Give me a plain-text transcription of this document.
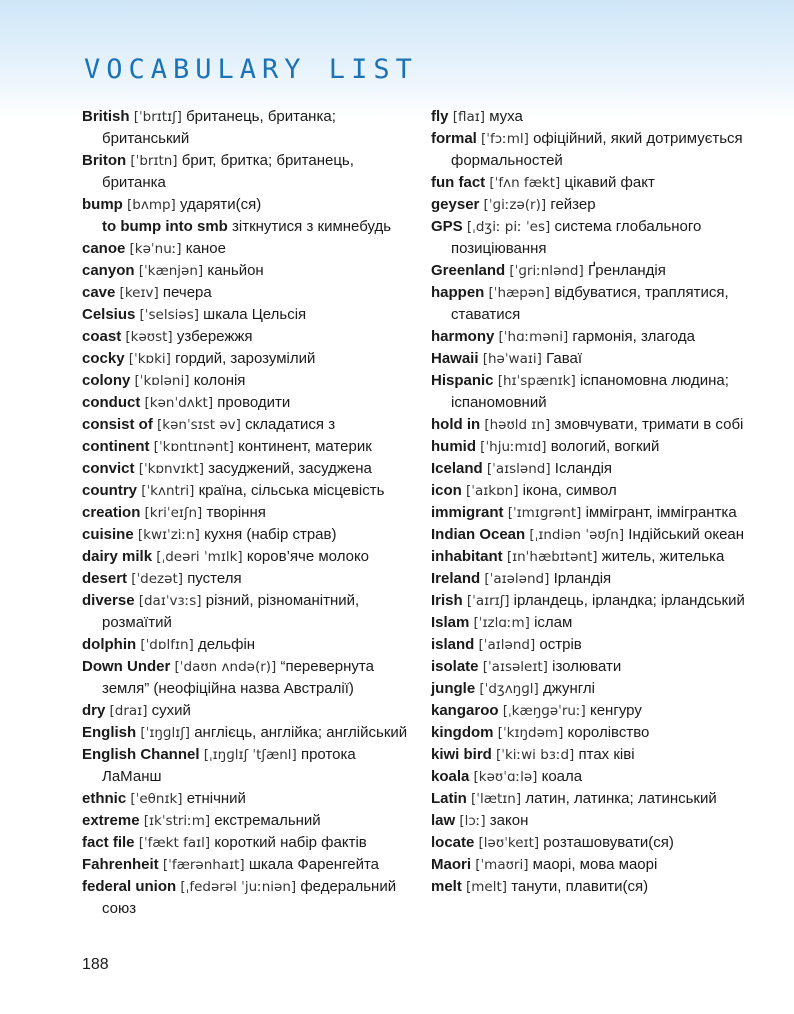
VOCABULARY LIST

British [ˈbrɪtɪʃ] британець, британка; британський

Briton [ˈbrɪtn] брит, бритка; британець, британка

bump [bʌmp] ударяти(ся)

to bump into smb зіткнутися з кимнебудь

canoe [kəˈnuː] каное

canyon [ˈkænjən] каньйон

cave [keɪv] печера

Celsius [ˈselsiəs] шкала Цельсія

coast [kəʊst] узбережжя

cocky [ˈkɒki] гордий, зарозумілий

colony [ˈkɒləni] колонія

conduct [kənˈdʌkt] проводити

consist of [kənˈsɪst əv] складатися з

continent [ˈkɒntɪnənt] континент, материк

convict [ˈkɒnvɪkt] засуджений, засуджена

country [ˈkʌntri] країна, сільська місцевість

creation [kriˈeɪʃn] творіння

cuisine [kwɪˈziːn] кухня (набір страв)

dairy milk [ˌdeəri ˈmɪlk] коров’яче молоко

desert [ˈdezət] пустеля

diverse [daɪˈvɜːs] різний, різноманітний, розмаїтий

dolphin [ˈdɒlfɪn] дельфін

Down Under [ˈdaʊn ʌndə(r)] “перевернута земля” (неофіційна назва Австралії)

dry [draɪ] сухий

English [ˈɪŋɡlɪʃ] англієць, англійка; англійський

English Channel [ˌɪŋɡlɪʃ ˈtʃænl] протока ЛаМанш

ethnic [ˈeθnɪk] етнічний

extreme [ɪkˈstriːm] екстремальний

fact file [ˈfækt faɪl] короткий набір фактів

Fahrenheit [ˈfærənhaɪt] шкала Фаренгейта

federal union [ˌfedərəl ˈjuːniən] федеральний союз

fly [flaɪ] муха

formal [ˈfɔːml] офіційний, який дотримується формальностей

fun fact [ˈfʌn fækt] цікавий факт

geyser [ˈɡiːzə(r)] гейзер

GPS [ˌdʒiː piː ˈes] система глобального позиціювання

Greenland [ˈɡriːnlənd] Ґренландія

happen [ˈhæpən] відбуватися, траплятися, ставатися

harmony [ˈhɑːməni] гармонія, злагода

Hawaii [həˈwaɪi] Гаваї

Hispanic [hɪˈspænɪk] іспаномовна людина; іспаномовний

hold in [həʊld ɪn] змовчувати, тримати в собі

humid [ˈhjuːmɪd] вологий, вогкий

Iceland [ˈaɪslənd] Ісландія

icon [ˈaɪkɒn] ікона, символ

immigrant [ˈɪmɪɡrənt] іммігрант, іммігрантка

Indian Ocean [ˌɪndiən ˈəʊʃn] Індійський океан

inhabitant [ɪnˈhæbɪtənt] житель, жителька

Ireland [ˈaɪələnd] Ірландія

Irish [ˈaɪrɪʃ] ірландець, ірландка; ірландський

Islam [ˈɪzlɑːm] іслам

island [ˈaɪlənd] острів

isolate [ˈaɪsəleɪt] ізолювати

jungle [ˈdʒʌŋɡl] джунглі

kangaroo [ˌkæŋɡəˈruː] кенгуру

kingdom [ˈkɪŋdəm] королівство

kiwi bird [ˈkiːwi bɜːd] птах ківі

koala [kəʊˈɑːlə] коала

Latin [ˈlætɪn] латин, латинка; латинський

law [lɔː] закон

locate [ləʊˈkeɪt] розташовувати(ся)

Maori [ˈmaʊri] маорі, мова маорі

melt [melt] танути, плавити(ся)

188
